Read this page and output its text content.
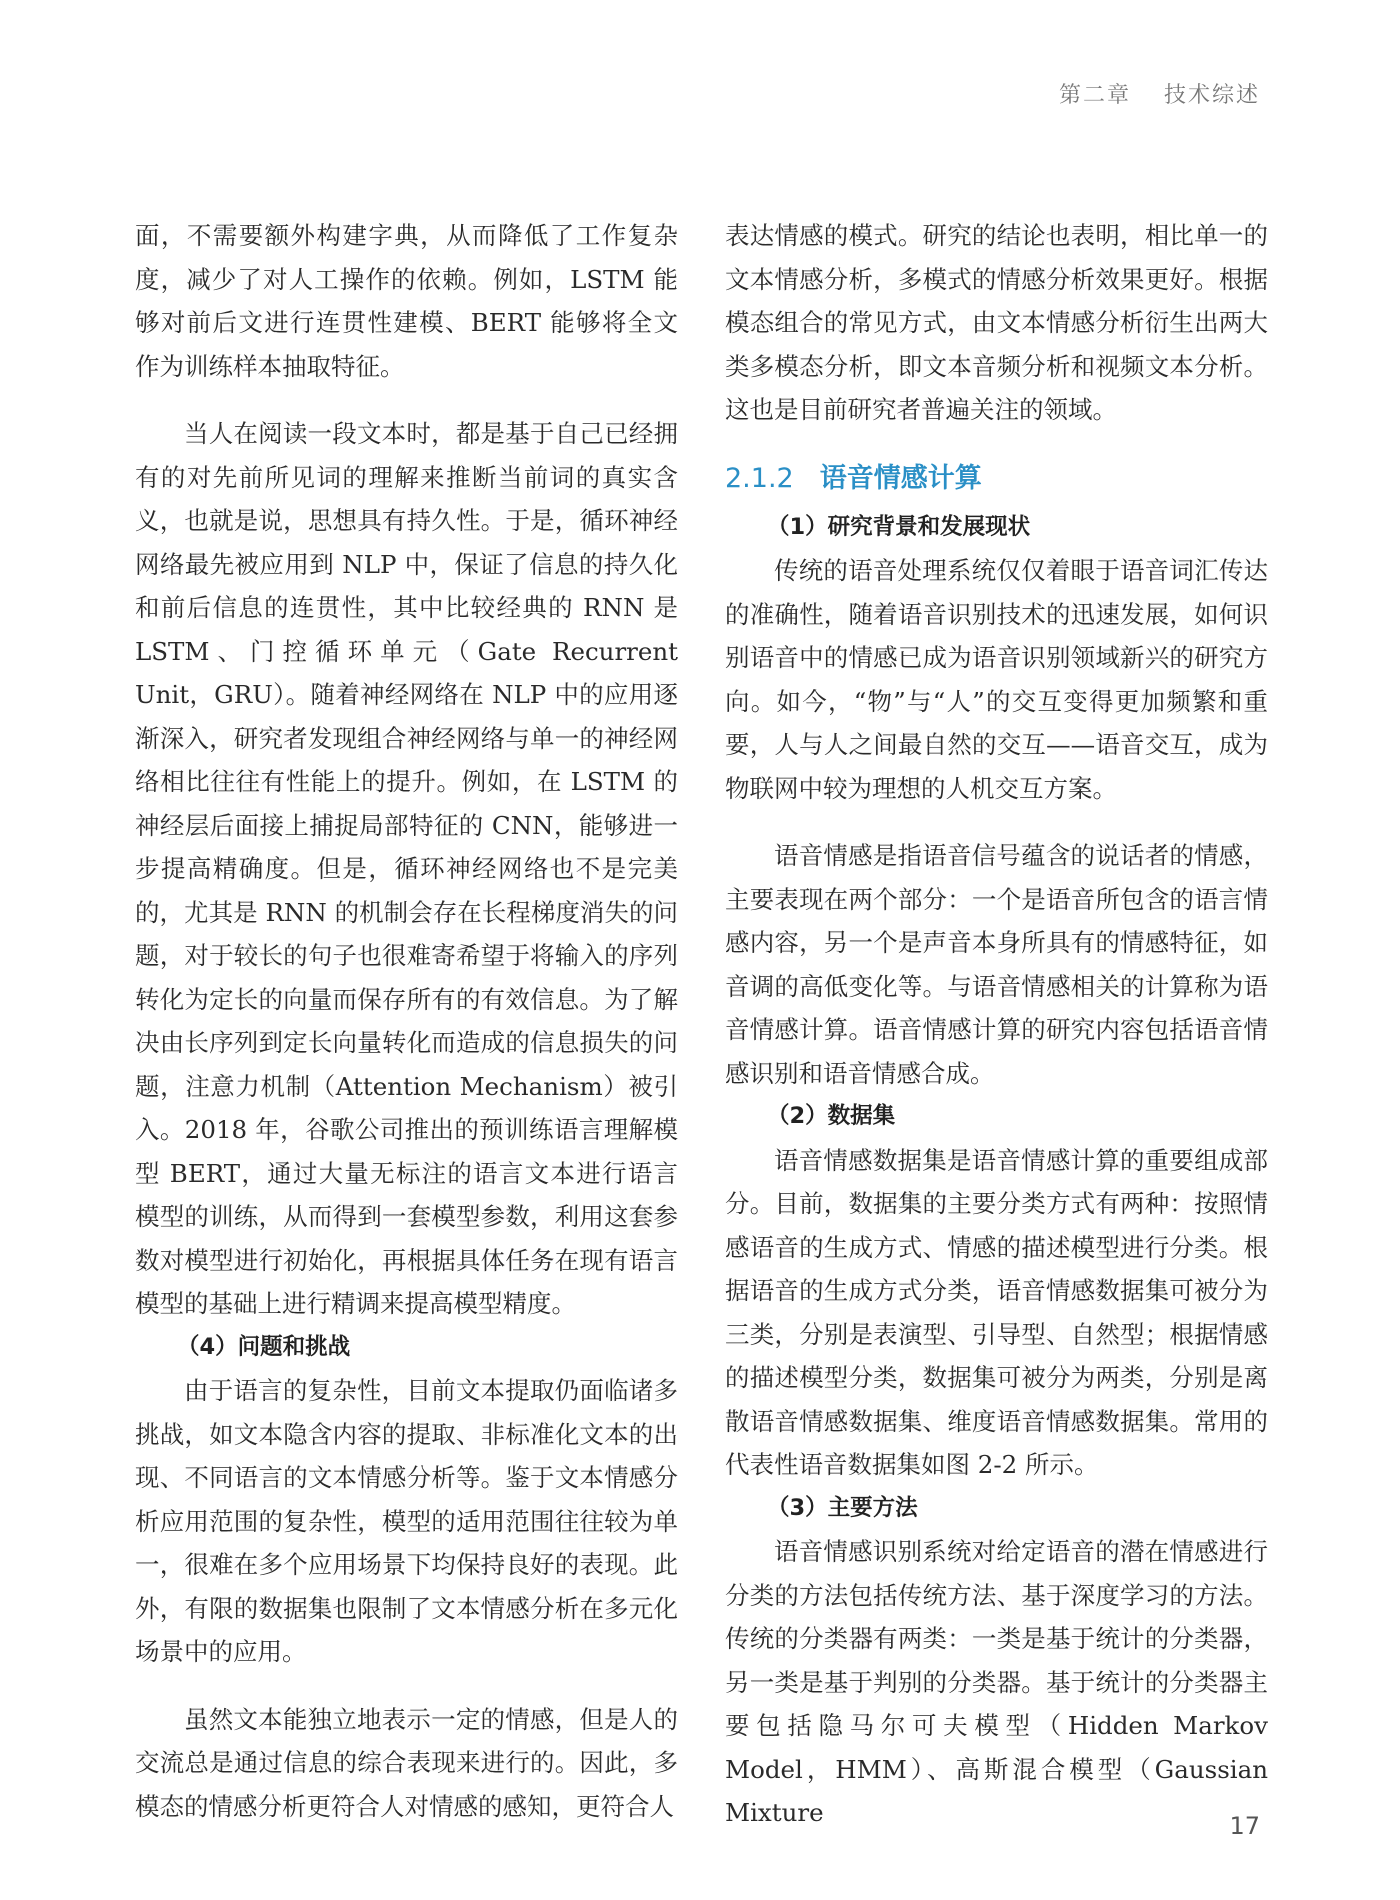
第二章 技术综述

面，不需要额外构建字典，从而降低了工作复杂度，减少了对人工操作的依赖。例如，LSTM 能够对前后文进行连贯性建模、BERT 能够将全文作为训练样本抽取特征。

当人在阅读一段文本时，都是基于自己已经拥有的对先前所见词的理解来推断当前词的真实含义，也就是说，思想具有持久性。于是，循环神经网络最先被应用到 NLP 中，保证了信息的持久化和前后信息的连贯性，其中比较经典的 RNN 是 LSTM、门控循环单元（Gate Recurrent Unit，GRU）。随着神经网络在 NLP 中的应用逐渐深入，研究者发现组合神经网络与单一的神经网络相比往往有性能上的提升。例如，在 LSTM 的神经层后面接上捕捉局部特征的 CNN，能够进一步提高精确度。但是，循环神经网络也不是完美的，尤其是 RNN 的机制会存在长程梯度消失的问题，对于较长的句子也很难寄希望于将输入的序列转化为定长的向量而保存所有的有效信息。为了解决由长序列到定长向量转化而造成的信息损失的问题，注意力机制（Attention Mechanism）被引入。2018 年，谷歌公司推出的预训练语言理解模型 BERT，通过大量无标注的语言文本进行语言模型的训练，从而得到一套模型参数，利用这套参数对模型进行初始化，再根据具体任务在现有语言模型的基础上进行精调来提高模型精度。

（4）问题和挑战

由于语言的复杂性，目前文本提取仍面临诸多挑战，如文本隐含内容的提取、非标准化文本的出现、不同语言的文本情感分析等。鉴于文本情感分析应用范围的复杂性，模型的适用范围往往较为单一，很难在多个应用场景下均保持良好的表现。此外，有限的数据集也限制了文本情感分析在多元化场景中的应用。

虽然文本能独立地表示一定的情感，但是人的交流总是通过信息的综合表现来进行的。因此，多模态的情感分析更符合人对情感的感知，更符合人

表达情感的模式。研究的结论也表明，相比单一的文本情感分析，多模式的情感分析效果更好。根据模态组合的常见方式，由文本情感分析衍生出两大类多模态分析，即文本音频分析和视频文本分析。这也是目前研究者普遍关注的领域。

2.1.2 语音情感计算
（1）研究背景和发展现状

传统的语音处理系统仅仅着眼于语音词汇传达的准确性，随着语音识别技术的迅速发展，如何识别语音中的情感已成为语音识别领域新兴的研究方向。如今，“物”与“人”的交互变得更加频繁和重要，人与人之间最自然的交互——语音交互，成为物联网中较为理想的人机交互方案。

语音情感是指语音信号蕴含的说话者的情感，主要表现在两个部分：一个是语音所包含的语言情感内容，另一个是声音本身所具有的情感特征，如音调的高低变化等。与语音情感相关的计算称为语音情感计算。语音情感计算的研究内容包括语音情感识别和语音情感合成。

（2）数据集

语音情感数据集是语音情感计算的重要组成部分。目前，数据集的主要分类方式有两种：按照情感语音的生成方式、情感的描述模型进行分类。根据语音的生成方式分类，语音情感数据集可被分为三类，分别是表演型、引导型、自然型；根据情感的描述模型分类，数据集可被分为两类，分别是离散语音情感数据集、维度语音情感数据集。常用的代表性语音数据集如图 2-2 所示。

（3）主要方法

语音情感识别系统对给定语音的潜在情感进行分类的方法包括传统方法、基于深度学习的方法。传统的分类器有两类：一类是基于统计的分类器，另一类是基于判别的分类器。基于统计的分类器主要包括隐马尔可夫模型（Hidden Markov Model，HMM）、高斯混合模型（Gaussian Mixture	17
